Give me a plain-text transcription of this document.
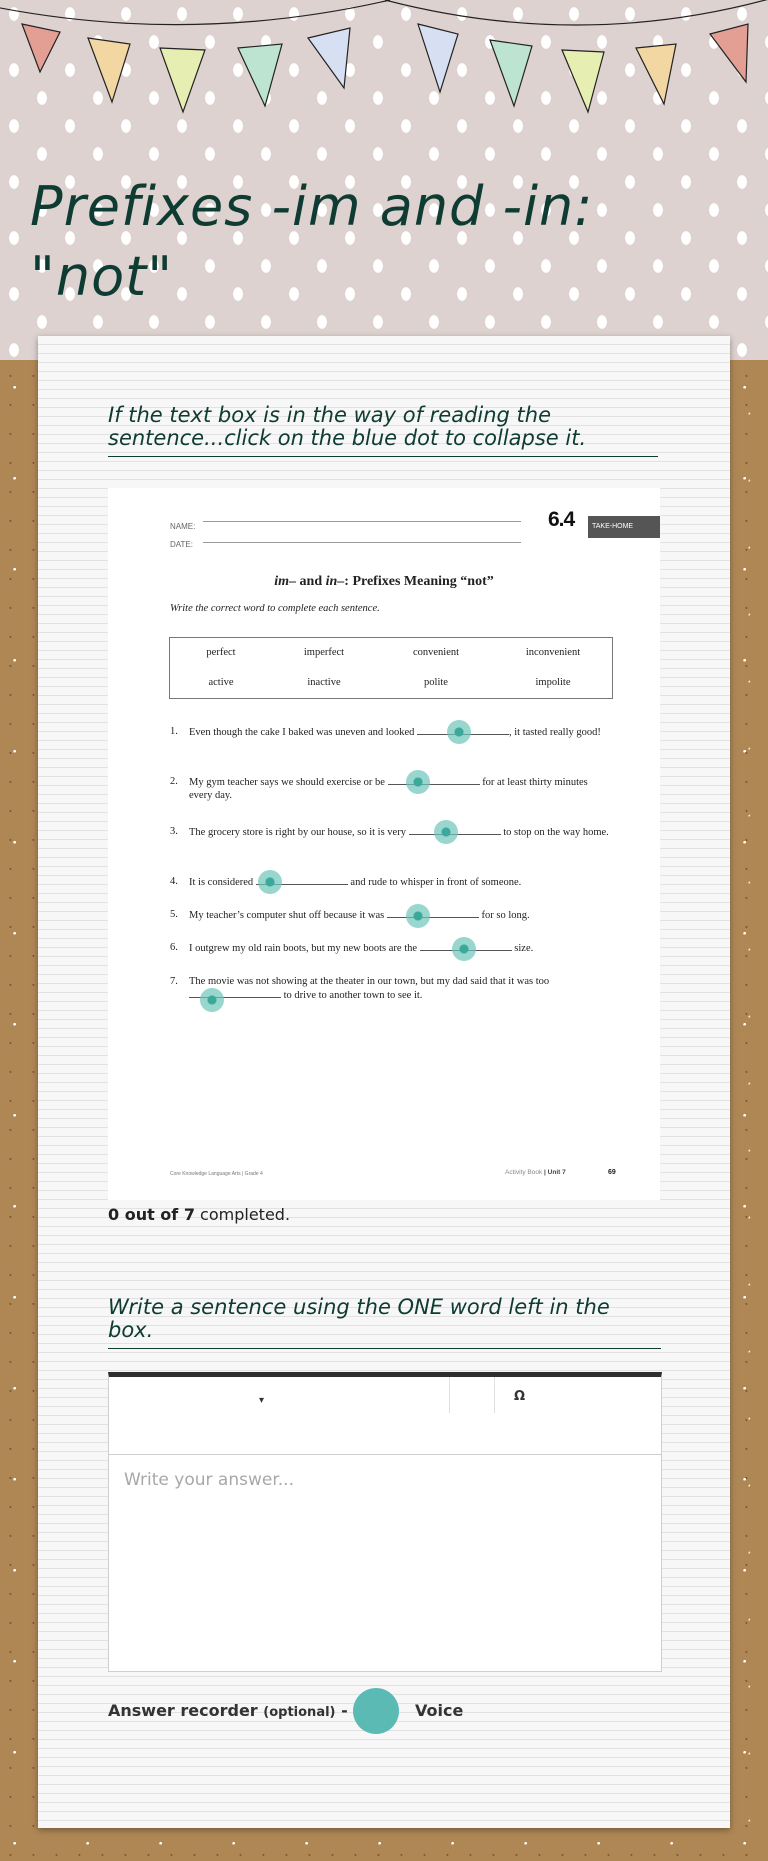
Prefixes -im and -in: "not"
If the text box is in the way of reading the sentence...click on the blue dot to collapse it.
NAME:
DATE:
6.4	TAKE-HOME
im– and in–: Prefixes Meaning “not”
Write the correct word to complete each sentence.
perfect	imperfect	convenient	inconvenient
active	inactive	polite	impolite
1. Even though the cake I baked was uneven and looked	, it tasted really good!
2. My gym teacher says we should exercise or be	for at least thirty minutes every day.
3. The grocery store is right by our house, so it is very	to stop on the way home.
4. It is considered	and rude to whisper in front of someone.
5. My teacher’s computer shut off because it was	for so long.
6. I outgrew my old rain boots, but my new boots are the	size.
7. The movie was not showing at the theater in our town, but my dad said that it was too  to drive to another town to see it.
Core Knowledge Language Arts | Grade 4	Activity Book | Unit 7	69
0 out of 7 completed.
Write a sentence using the ONE word left in the box.
▾	Ω
Write your answer...
Answer recorder (optional) -	Voice
